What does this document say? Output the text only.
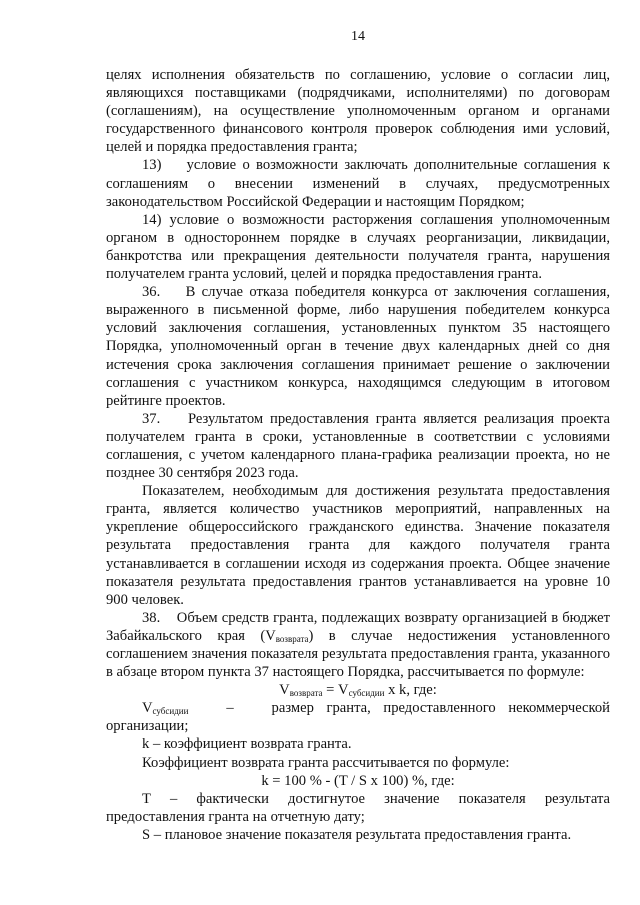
14

целях исполнения обязательств по соглашению, условие о согласии лиц, являющихся поставщиками (подрядчиками, исполнителями) по договорам (соглашениям), на осуществление уполномоченным органом и органами государственного финансового контроля проверок соблюдения ими условий, целей и порядка предоставления гранта;

13)    условие о возможности заключать дополнительные соглашения к соглашениям о внесении изменений в случаях, предусмотренных законодательством Российской Федерации и настоящим Порядком;

14) условие о возможности расторжения соглашения уполномоченным органом в одностороннем порядке в случаях реорганизации, ликвидации, банкротства или прекращения деятельности получателя гранта, нарушения получателем гранта условий, целей и порядка предоставления гранта.

36.    В случае отказа победителя конкурса от заключения соглашения, выраженного в письменной форме, либо нарушения победителем конкурса условий заключения соглашения, установленных пунктом 35 настоящего Порядка, уполномоченный орган в течение двух календарных дней со дня истечения срока заключения соглашения принимает решение о заключении соглашения с участником конкурса, находящимся следующим в итоговом рейтинге проектов.

37.    Результатом предоставления гранта является реализация проекта получателем гранта в сроки, установленные в соответствии с условиями соглашения, с учетом календарного плана-графика реализации проекта, но не позднее 30 сентября 2023 года.

Показателем, необходимым для достижения результата предоставления гранта, является количество участников мероприятий, направленных на укрепление общероссийского гражданского единства. Значение показателя результата предоставления гранта для каждого получателя гранта устанавливается в соглашении исходя из содержания проекта. Общее значение показателя результата предоставления грантов устанавливается на уровне 10 900 человек.

38.    Объем средств гранта, подлежащих возврату организацией в бюджет Забайкальского края $(V_{возврата})$ в случае недостижения установленного соглашением значения показателя результата предоставления гранта, указанного в абзаце втором пункта 37 настоящего Порядка, рассчитывается по формуле:

$V_{возврата} = V_{субсидии}$ x k, где:

$V_{субсидии}$   –   размер гранта, предоставленного некоммерческой организации;

k – коэффициент возврата гранта.

Коэффициент возврата гранта рассчитывается по формуле:

k = 100 % - (T / S x 100) %, где:

Т – фактически достигнутое значение показателя результата предоставления гранта на отчетную дату;

S – плановое значение показателя результата предоставления гранта.
